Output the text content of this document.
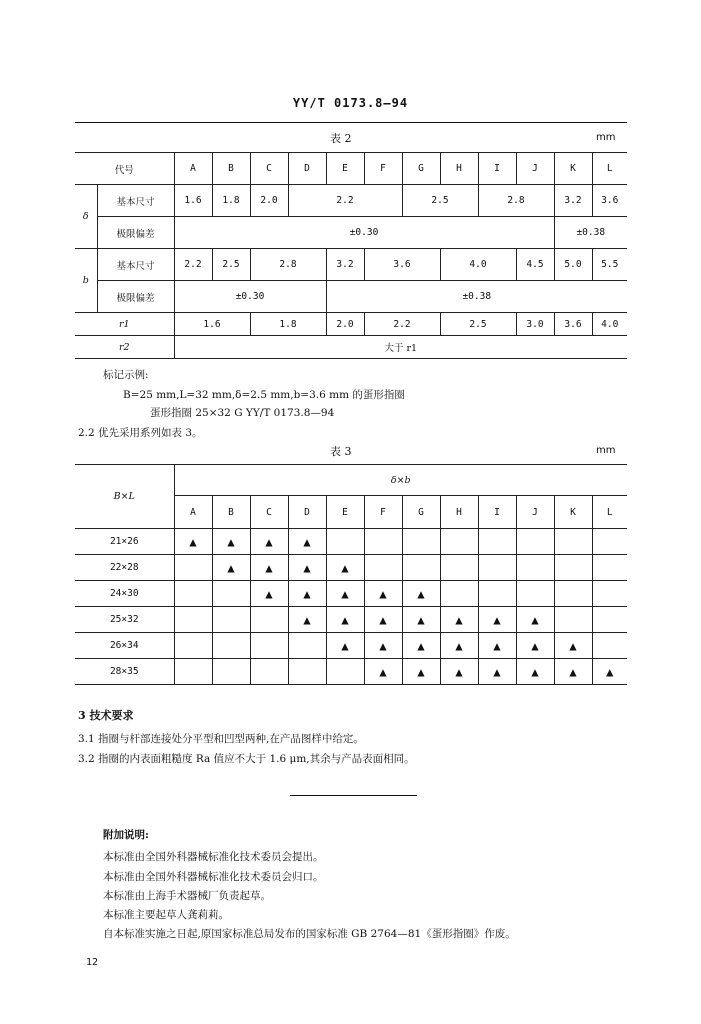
YY/T 0173.8—94
表 2	mm
代号		A	B	C	D	E	F	G	H	I	J	K	L
δ	基本尺寸	1.6	1.8	2.0	2.2			2.5		2.8		3.2	3.6
	极限偏差	±0.30										±0.38	
b	基本尺寸	2.2	2.5	2.8		3.2	3.6		4.0		4.5	5.0	5.5
	极限偏差	±0.30				±0.38							
r1		1.6		1.8		2.0	2.2		2.5		3.0	3.6	4.0
r2		大于 r1											
标记示例:
B=25 mm,L=32 mm,δ=2.5 mm,b=3.6 mm 的蛋形指圈
蛋形指圈 25×32 G YY/T 0173.8—94
2.2 优先采用系列如表 3。
表 3	mm
B×L	δ×b											
	A	B	C	D	E	F	G	H	I	J	K	L
21×26	▲	▲	▲	▲								
22×28		▲	▲	▲	▲							
24×30			▲	▲	▲	▲	▲					
25×32				▲	▲	▲	▲	▲	▲	▲		
26×34					▲	▲	▲	▲	▲	▲	▲	
28×35						▲	▲	▲	▲	▲	▲	▲
3 技术要求
3.1 指圈与杆部连接处分平型和凹型两种,在产品图样中给定。
3.2 指圈的内表面粗糙度 Ra 值应不大于 1.6 μm,其余与产品表面相同。
附加说明:
本标准由全国外科器械标准化技术委员会提出。
本标准由全国外科器械标准化技术委员会归口。
本标准由上海手术器械厂负责起草。
本标准主要起草人龚莉莉。
自本标准实施之日起,原国家标准总局发布的国家标准 GB 2764—81《蛋形指圈》作废。
12
